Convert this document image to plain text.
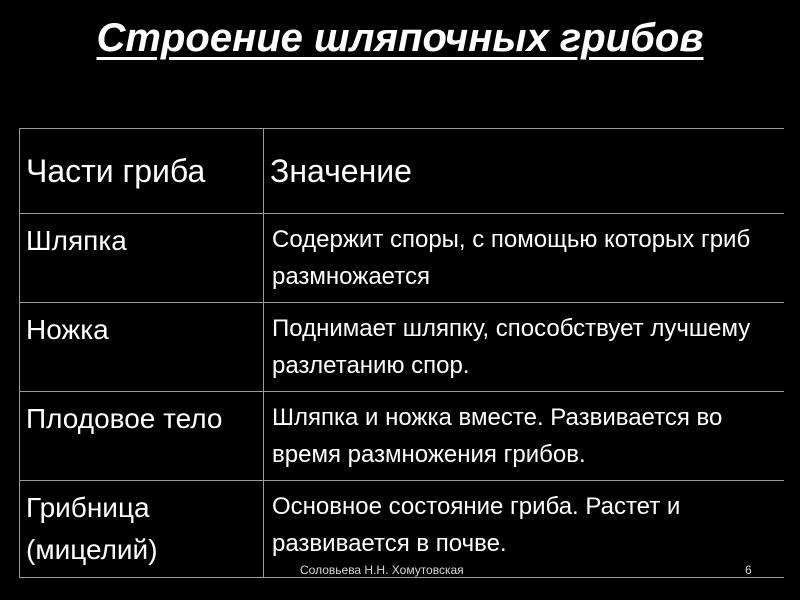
Строение шляпочных грибов
Части гриба	Значение
Шляпка	Содержит споры, с помощью которых гриб размножается
Ножка	Поднимает шляпку, способствует лучшему разлетанию спор.
Плодовое тело	Шляпка и ножка вместе. Развивается во время размножения грибов.
Грибница (мицелий)	Основное состояние гриба. Растет и развивается в почве.
Соловьева Н.Н. Хомутовская	6
